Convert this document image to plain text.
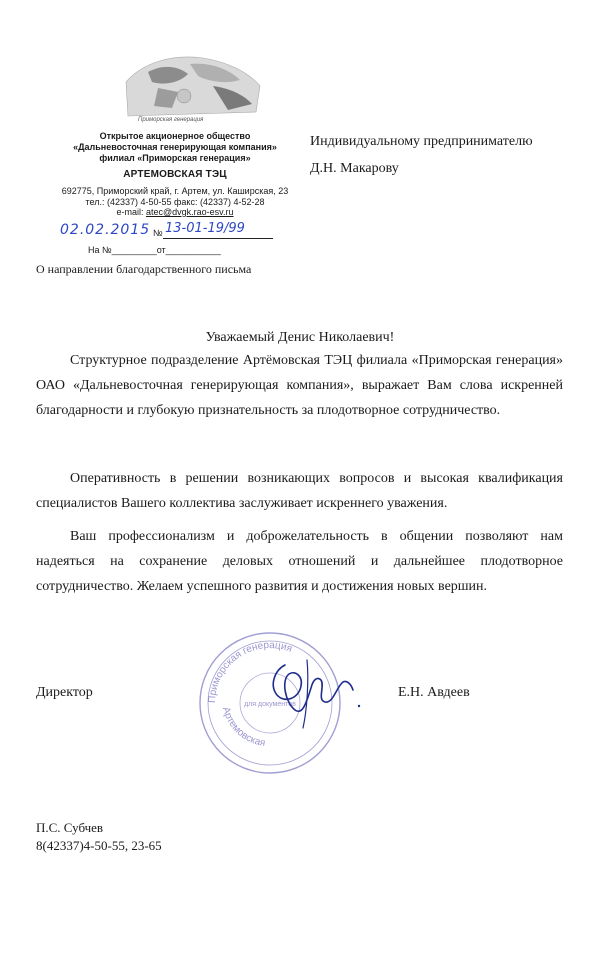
Приморская генерация
Открытое акционерное общество
«Дальневосточная генерирующая компания»
филиал «Приморская генерация»
АРТЕМОВСКАЯ ТЭЦ
692775, Приморский край, г. Артем, ул. Каширская, 23
тел.: (42337) 4-50-55 факс: (42337) 4-52-28
e-mail: atec@dvgk.rao-esv.ru
02.02.2015 № 13-01-19/99
На №_________от___________
О направлении благодарственного письма
Индивидуальному предпринимателю
Д.Н. Макарову
Уважаемый Денис Николаевич!

Структурное подразделение Артёмовская ТЭЦ филиала «Приморская генерация» ОАО «Дальневосточная генерирующая компания», выражает Вам слова искренней благодарности и глубокую признательность за плодотворное сотрудничество.

Оперативность в решении возникающих вопросов и высокая квалификация специалистов Вашего коллектива заслуживает искреннего уважения.

Ваш профессионализм и доброжелательность в общении позволяют нам надеяться на сохранение деловых отношений и дальнейшее плодотворное сотрудничество. Желаем успешного развития и достижения новых вершин.

Приморская генерация
Артемовская
для документов
Директор	Е.Н. Авдеев
П.С. Субчев
8(42337)4-50-55, 23-65
